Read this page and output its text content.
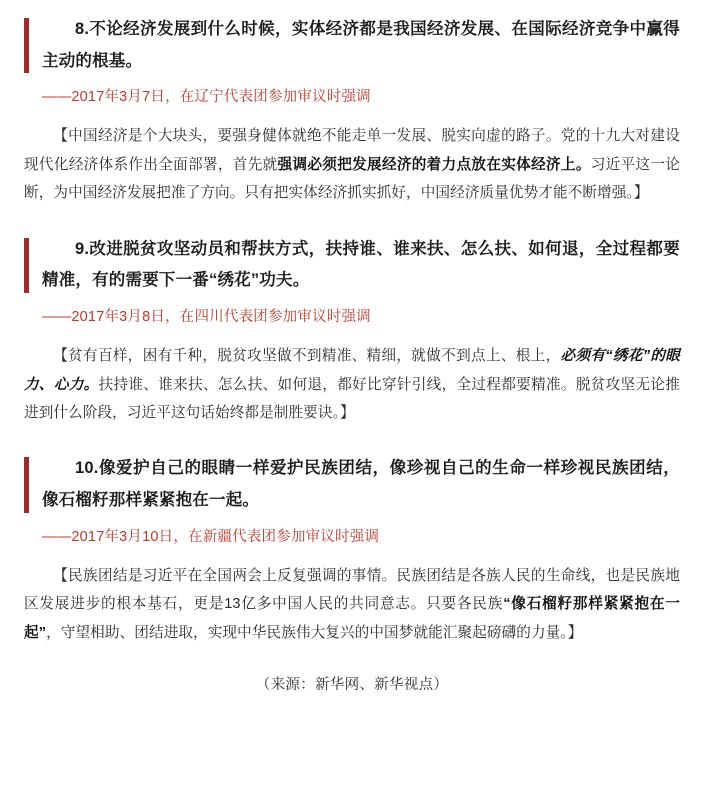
8.不论经济发展到什么时候，实体经济都是我国经济发展、在国际经济竞争中赢得主动的根基。
——2017年3月7日，在辽宁代表团参加审议时强调
【中国经济是个大块头，要强身健体就绝不能走单一发展、脱实向虚的路子。党的十九大对建设现代化经济体系作出全面部署，首先就强调必须把发展经济的着力点放在实体经济上。习近平这一论断，为中国经济发展把准了方向。只有把实体经济抓实抓好，中国经济质量优势才能不断增强。】
9.改进脱贫攻坚动员和帮扶方式，扶持谁、谁来扶、怎么扶、如何退，全过程都要精准，有的需要下一番“绣花”功夫。
——2017年3月8日，在四川代表团参加审议时强调
【贫有百样，困有千种，脱贫攻坚做不到精准、精细，就做不到点上、根上，必须有“绣花”的眼力、心力。扶持谁、谁来扶、怎么扶、如何退，都好比穿针引线，全过程都要精准。脱贫攻坚无论推进到什么阶段，习近平这句话始终都是制胜要诀。】
10.像爱护自己的眼睛一样爱护民族团结，像珍视自己的生命一样珍视民族团结，像石榴籽那样紧紧抱在一起。
——2017年3月10日，在新疆代表团参加审议时强调
【民族团结是习近平在全国两会上反复强调的事情。民族团结是各族人民的生命线，也是民族地区发展进步的根本基石，更是13亿多中国人民的共同意志。只要各民族“像石榴籽那样紧紧抱在一起”，守望相助、团结进取，实现中华民族伟大复兴的中国梦就能汇聚起磅礴的力量。】
（来源：新华网、新华视点）
